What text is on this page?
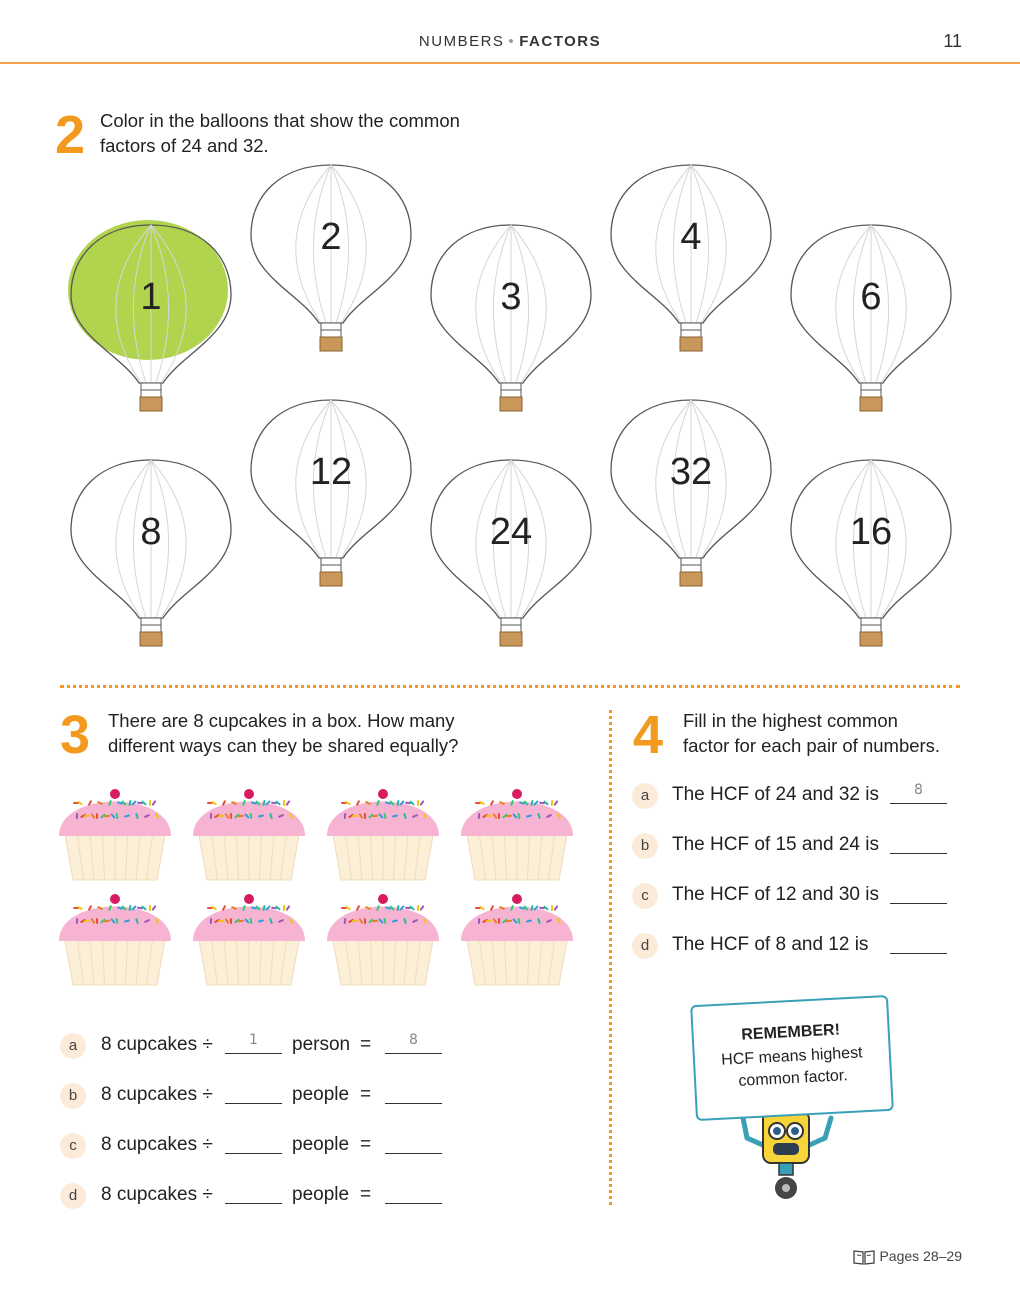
NUMBERS • FACTORS	11
2 Color in the balloons that show the common
factors of 24 and 32.
1
2
3
4
6
8
12
24
32
16
3 There are 8 cupcakes in a box. How many
different ways can they be shared equally?
a	8 cupcakes ÷	1	person =	8
b	8 cupcakes ÷	people =
c	8 cupcakes ÷	people =
d	8 cupcakes ÷	people =
4 Fill in the highest common
factor for each pair of numbers.
a	The HCF of 24 and 32 is	8
b	The HCF of 15 and 24 is
c	The HCF of 12 and 30 is
d	The HCF of 8 and 12 is
REMEMBER!
HCF means highest
common factor.
Pages 28–29
